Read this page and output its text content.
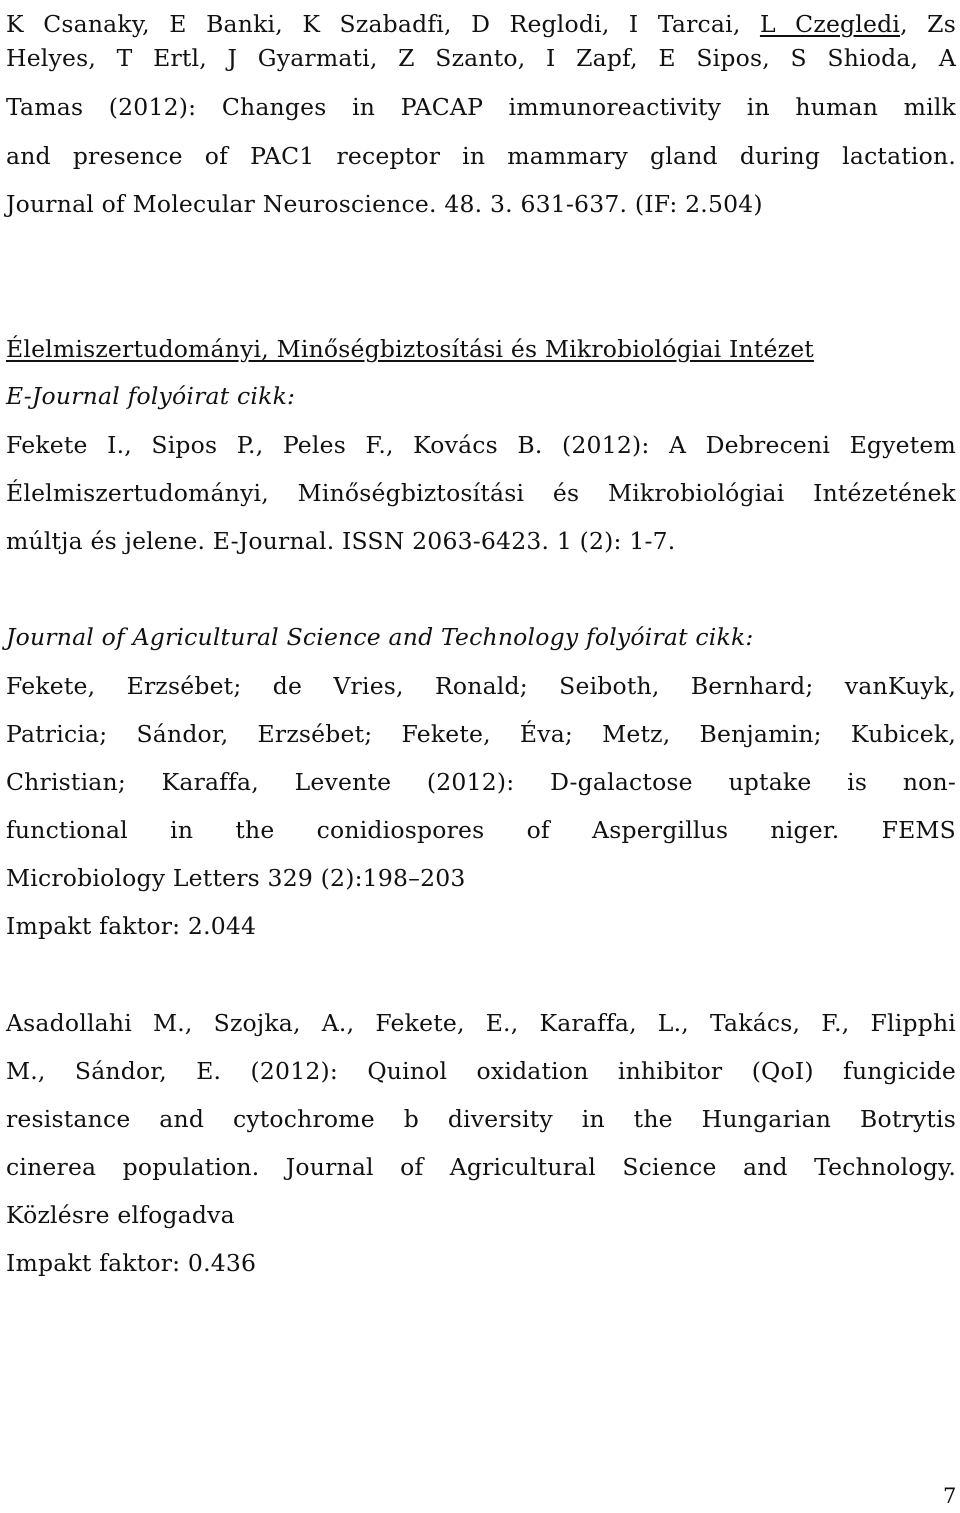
K Csanaky, E Banki, K Szabadfi, D Reglodi, I Tarcai, L Czegledi, Zs
Helyes, T Ertl, J Gyarmati, Z Szanto, I Zapf, E Sipos, S Shioda, A
Tamas (2012): Changes in PACAP immunoreactivity in human milk
and presence of PAC1 receptor in mammary gland during lactation.
Journal of Molecular Neuroscience. 48. 3. 631-637. (IF: 2.504)
Élelmiszertudományi, Minőségbiztosítási és Mikrobiológiai Intézet
E-Journal folyóirat cikk:
Fekete I., Sipos P., Peles F., Kovács B. (2012): A Debreceni Egyetem
Élelmiszertudományi, Minőségbiztosítási és Mikrobiológiai Intézetének
múltja és jelene. E-Journal. ISSN 2063-6423. 1 (2): 1-7.
Journal of Agricultural Science and Technology folyóirat cikk:
Fekete, Erzsébet; de Vries, Ronald; Seiboth, Bernhard; vanKuyk,
Patricia; Sándor, Erzsébet; Fekete, Éva; Metz, Benjamin; Kubicek,
Christian; Karaffa, Levente (2012): D-galactose uptake is non-
functional in the conidiospores of Aspergillus niger. FEMS
Microbiology Letters 329 (2):198–203
Impakt faktor: 2.044
Asadollahi M., Szojka, A., Fekete, E., Karaffa, L., Takács, F., Flipphi
M., Sándor, E. (2012): Quinol oxidation inhibitor (QoI) fungicide
resistance and cytochrome b diversity in the Hungarian Botrytis
cinerea population. Journal of Agricultural Science and Technology.
Közlésre elfogadva
Impakt faktor: 0.436
7
